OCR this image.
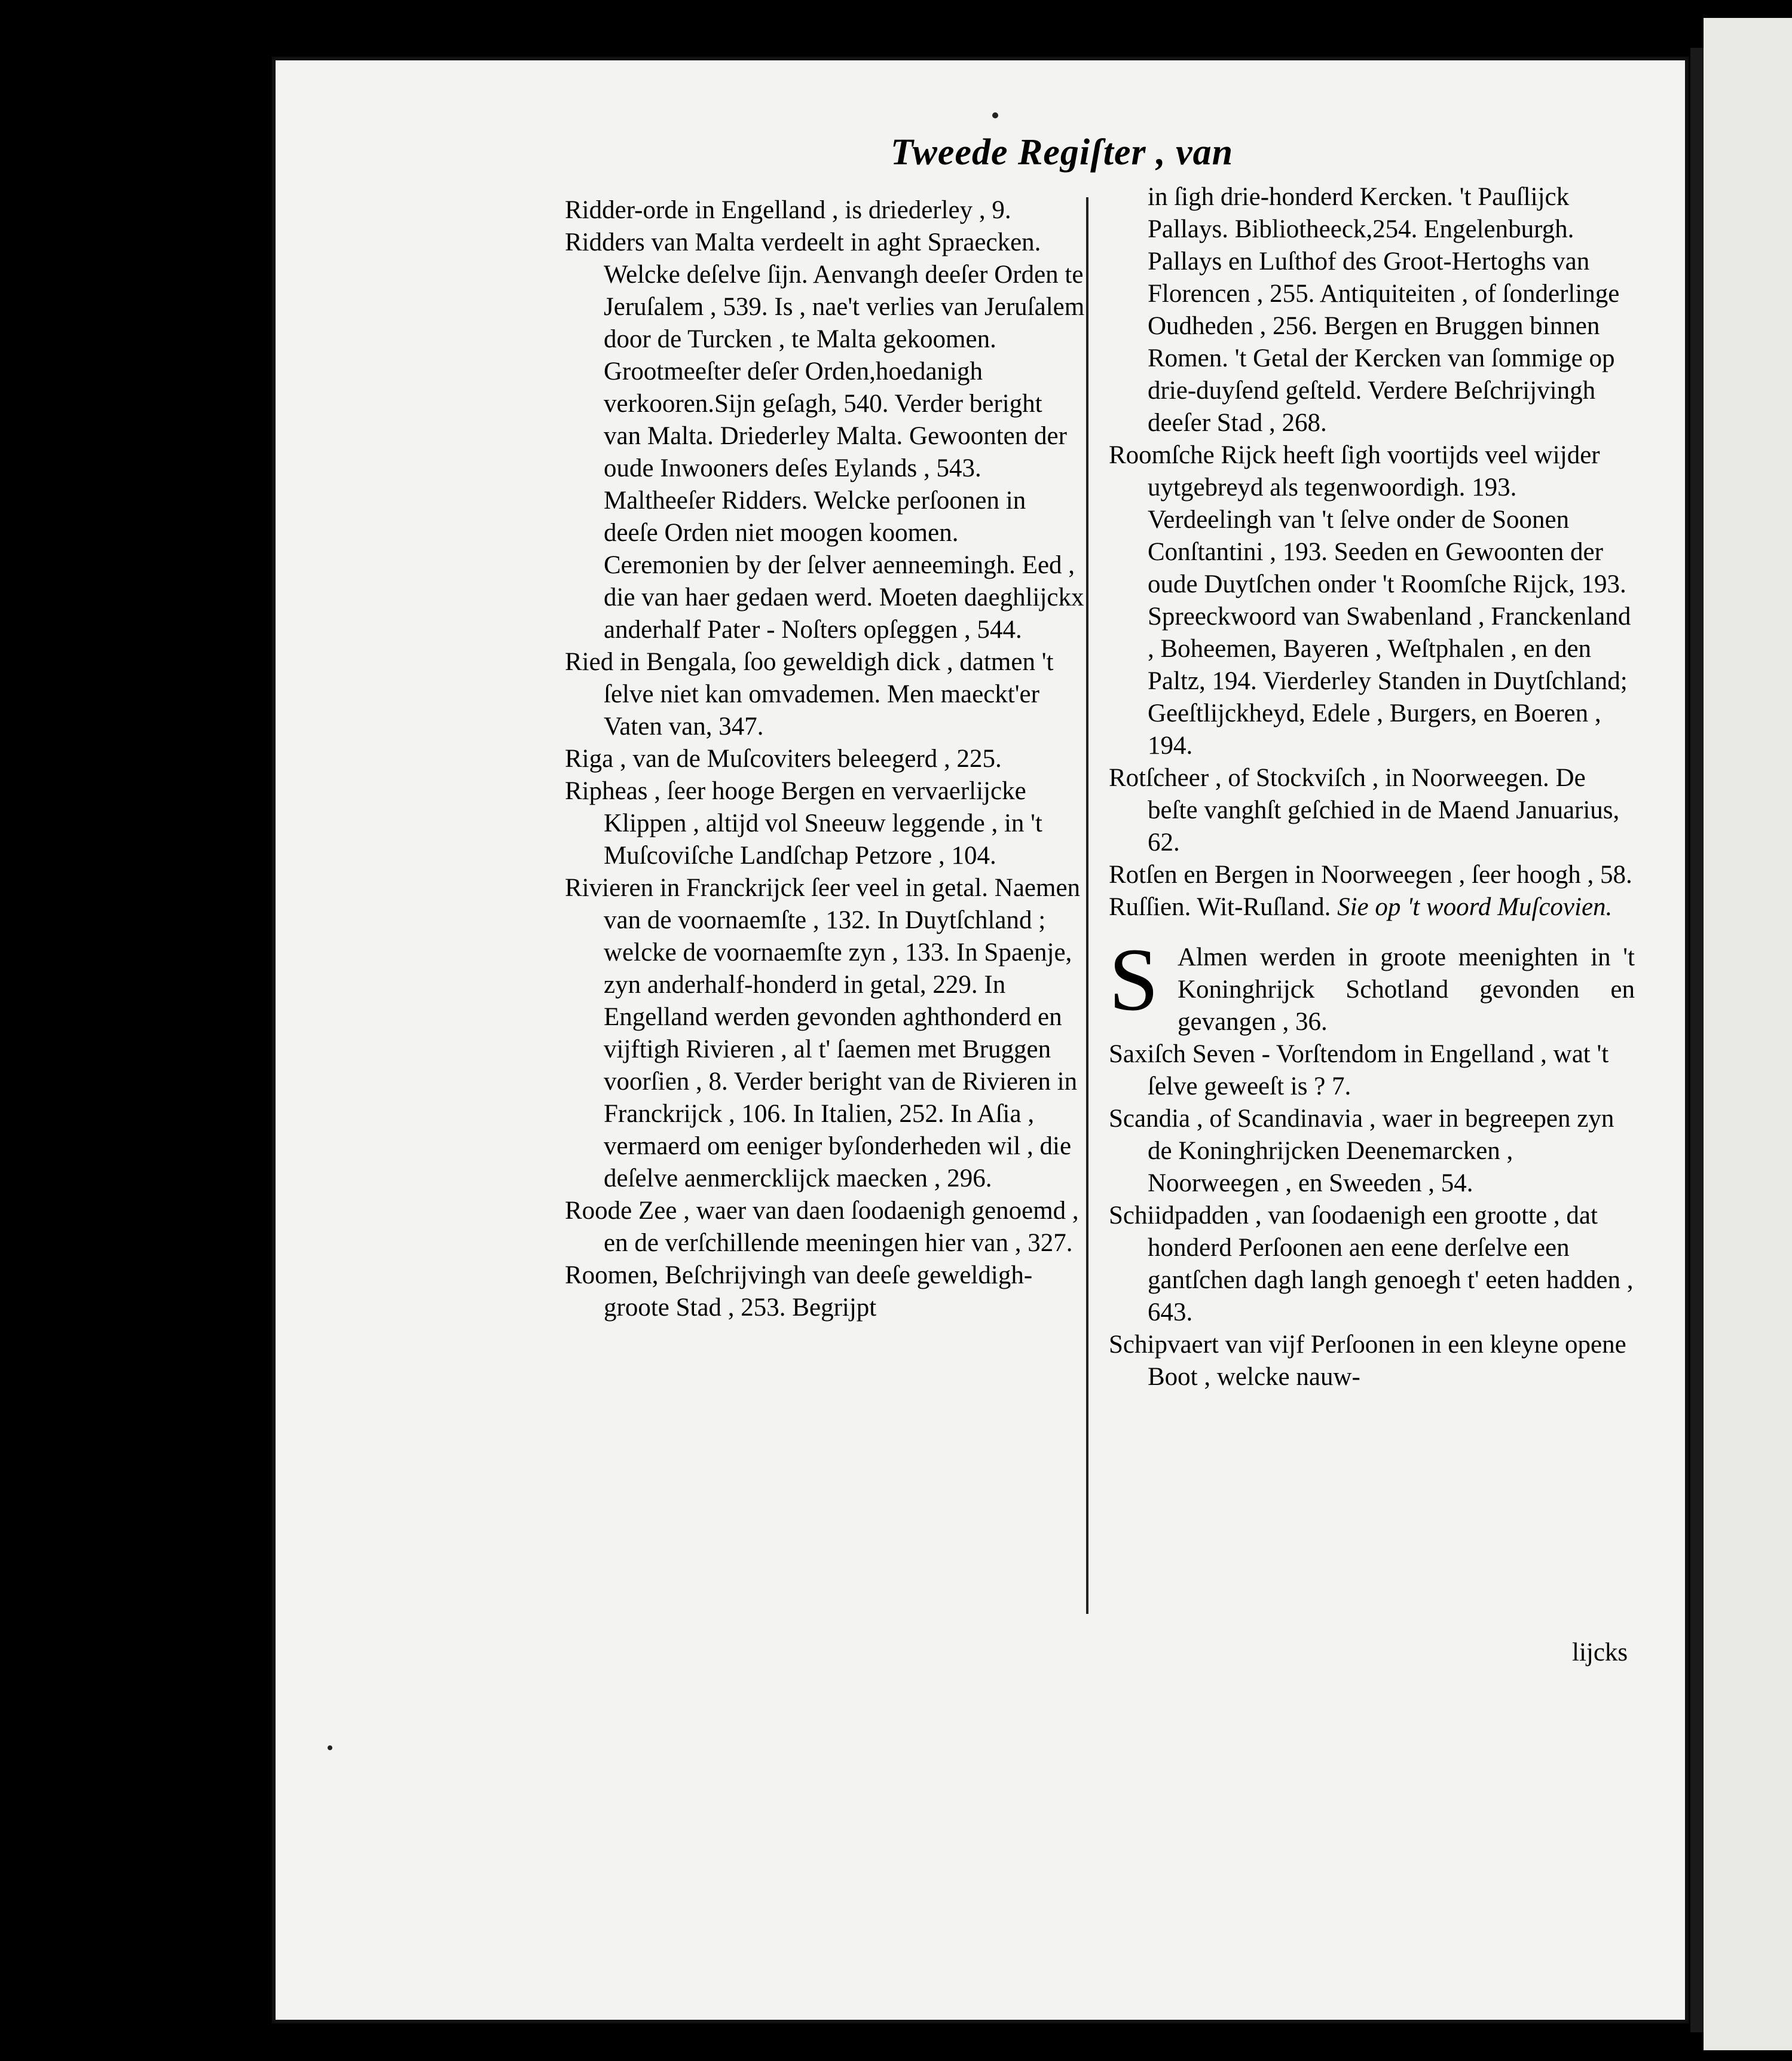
Tweede Regiſter , van

Ridder-orde in Engelland , is driederley , 9.

Ridders van Malta verdeelt in aght Spraecken. Welcke deſelve ſijn. Aenvangh deeſer Orden te Jeruſalem , 539. Is , nae't verlies van Jeruſalem door de Turcken , te Malta gekoomen. Grootmeeſter deſer Orden,hoedanigh verkooren.Sijn geſagh, 540. Verder beright van Malta. Driederley Malta. Gewoonten der oude Inwooners deſes Eylands , 543. Maltheeſer Ridders. Welcke perſoonen in deeſe Orden niet moogen koomen. Ceremonien by der ſelver aenneemingh. Eed , die van haer gedaen werd. Moeten daeghlijckx anderhalf Pater - Noſters opſeggen , 544.

Ried in Bengala, ſoo geweldigh dick , datmen 't ſelve niet kan omvademen. Men maeckt'er Vaten van, 347.

Riga , van de Muſcoviters beleegerd , 225.

Ripheas , ſeer hooge Bergen en vervaerlijcke Klippen , altijd vol Sneeuw leggende , in 't Muſcoviſche Landſchap Petzore , 104.

Rivieren in Franckrijck ſeer veel in getal. Naemen van de voornaemſte , 132. In Duytſchland ; welcke de voornaemſte zyn , 133. In Spaenje, zyn anderhalf-honderd in getal, 229. In Engelland werden gevonden aghthonderd en vijftigh Rivieren , al t' ſaemen met Bruggen voorſien , 8. Verder beright van de Rivieren in Franckrijck , 106. In Italien, 252. In Aſia , vermaerd om eeniger byſonderheden wil , die deſelve aenmercklijck maecken , 296.

Roode Zee , waer van daen ſoodaenigh genoemd , en de verſchillende meeningen hier van , 327.

Roomen, Beſchrijvingh van deeſe geweldigh-groote Stad , 253. Begrijpt

in ſigh drie-honderd Kercken. 't Pauſlijck Pallays. Bibliotheeck,254. Engelenburgh. Pallays en Luſthof des Groot-Hertoghs van Florencen , 255. Antiquiteiten , of ſonderlinge Oudheden , 256. Bergen en Bruggen binnen Romen. 't Getal der Kercken van ſommige op drie-duyſend geſteld. Verdere Beſchrijvingh deeſer Stad , 268.

Roomſche Rijck heeft ſigh voortijds veel wijder uytgebreyd als tegenwoordigh. 193. Verdeelingh van 't ſelve onder de Soonen Conſtantini , 193. Seeden en Gewoonten der oude Duytſchen onder 't Roomſche Rijck, 193. Spreeckwoord van Swabenland , Franckenland , Boheemen, Bayeren , Weſtphalen , en den Paltz, 194. Vierderley Standen in Duytſchland; Geeſtlijckheyd, Edele , Burgers, en Boeren , 194.

Rotſcheer , of Stockviſch , in Noorweegen. De beſte vanghſt geſchied in de Maend Januarius, 62.

Rotſen en Bergen in Noorweegen , ſeer hoogh , 58.

Ruſſien. Wit-Ruſland. Sie op 't woord Muſcovien.

S Almen werden in groote meenighten in 't Koninghrijck Schotland gevonden en gevangen , 36.

Saxiſch Seven - Vorſtendom in Engelland , wat 't ſelve geweeſt is ? 7.

Scandia , of Scandinavia , waer in begreepen zyn de Koninghrijcken Deenemarcken , Noorweegen , en Sweeden , 54.

Schiidpadden , van ſoodaenigh een grootte , dat honderd Perſoonen aen eene derſelve een gantſchen dagh langh genoegh t' eeten hadden , 643.

Schipvaert van vijf Perſoonen in een kleyne opene Boot , welcke nauw-

lijcks
